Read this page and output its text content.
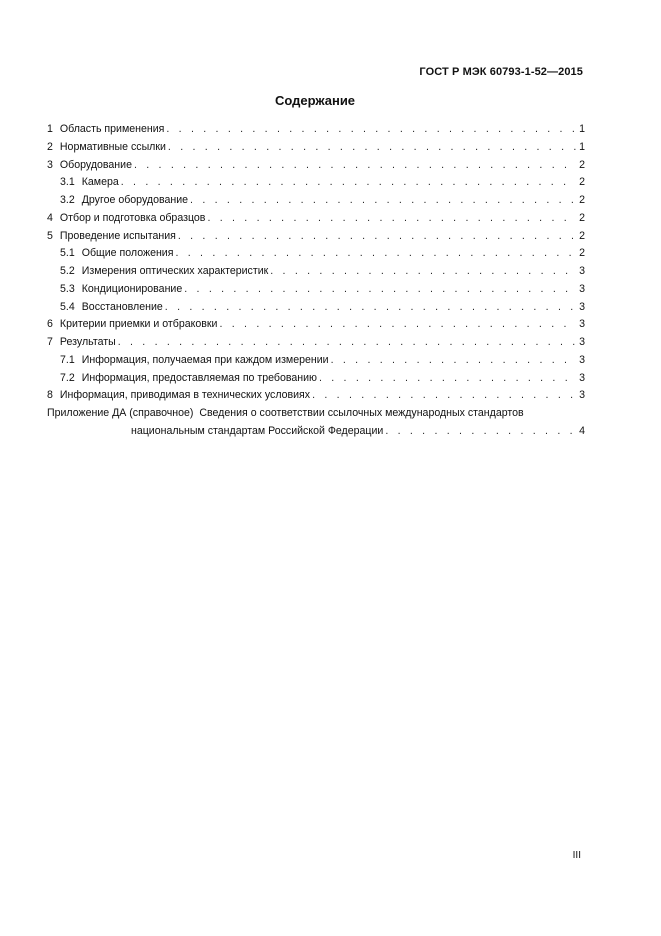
ГОСТ Р МЭК 60793-1-52—2015
Содержание
1 Область применения . . .	1
2 Нормативные ссылки . . .	1
3 Оборудование . . .	2
3.1 Камера . . .	2
3.2 Другое оборудование . . .	2
4 Отбор и подготовка образцов . . .	2
5 Проведение испытания . . .	2
5.1 Общие положения . . .	2
5.2 Измерения оптических характеристик . . .	3
5.3 Кондиционирование . . .	3
5.4 Восстановление . . .	3
6 Критерии приемки и отбраковки . . .	3
7 Результаты . . .	3
7.1 Информация, получаемая при каждом измерении . . .	3
7.2 Информация, предоставляемая по требованию . . .	3
8 Информация, приводимая в технических условиях . . .	3
Приложение ДА (справочное) Сведения о соответствии ссылочных международных стандартов
национальным стандартам Российской Федерации . . .	4
III
